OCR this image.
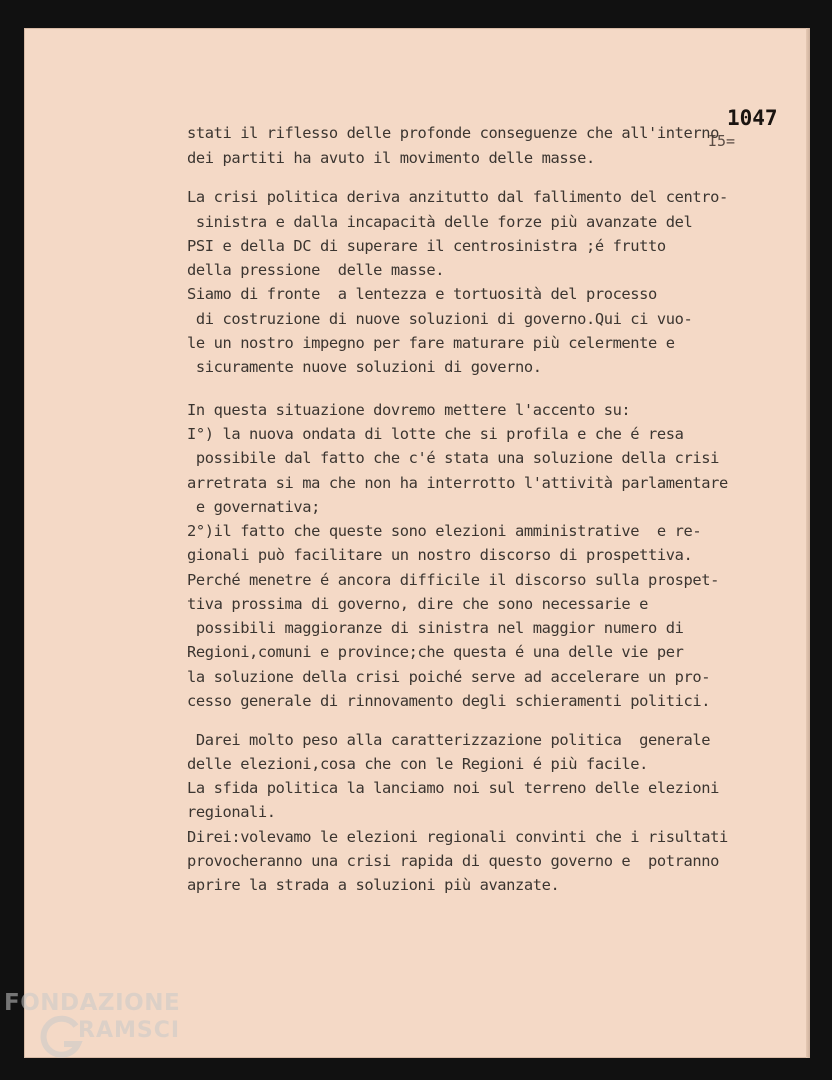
1047
I5=

stati il riflesso delle profonde conseguenze che all'interno

dei partiti ha avuto il movimento delle masse.

La crisi politica deriva anzitutto dal fallimento del centro-

sinistra e dalla incapacità delle forze più avanzate del

PSI e della DC di superare il centrosinistra ;é frutto

della pressione  delle masse.

Siamo di fronte  a lentezza e tortuosità del processo

di costruzione di nuove soluzioni di governo.Qui ci vuo-

le un nostro impegno per fare maturare più celermente e

sicuramente nuove soluzioni di governo.

In questa situazione dovremo mettere l'accento su:

I°) la nuova ondata di lotte che si profila e che é resa

possibile dal fatto che c'é stata una soluzione della crisi

arretrata si ma che non ha interrotto l'attività parlamentare

e governativa;

2°)il fatto che queste sono elezioni amministrative  e re-

gionali può facilitare un nostro discorso di prospettiva.

Perché menetre é ancora difficile il discorso sulla prospet-

tiva prossima di governo, dire che sono necessarie e

possibili maggioranze di sinistra nel maggior numero di

Regioni,comuni e province;che questa é una delle vie per

la soluzione della crisi poiché serve ad accelerare un pro-

cesso generale di rinnovamento degli schieramenti politici.

Darei molto peso alla caratterizzazione politica  generale

delle elezioni,cosa che con le Regioni é più facile.

La sfida politica la lanciamo noi sul terreno delle elezioni

regionali.

Direi:volevamo le elezioni regionali convinti che i risultati

provocheranno una crisi rapida di questo governo e  potranno

aprire la strada a soluzioni più avanzate.

FONDAZIONE
RAMSCI
